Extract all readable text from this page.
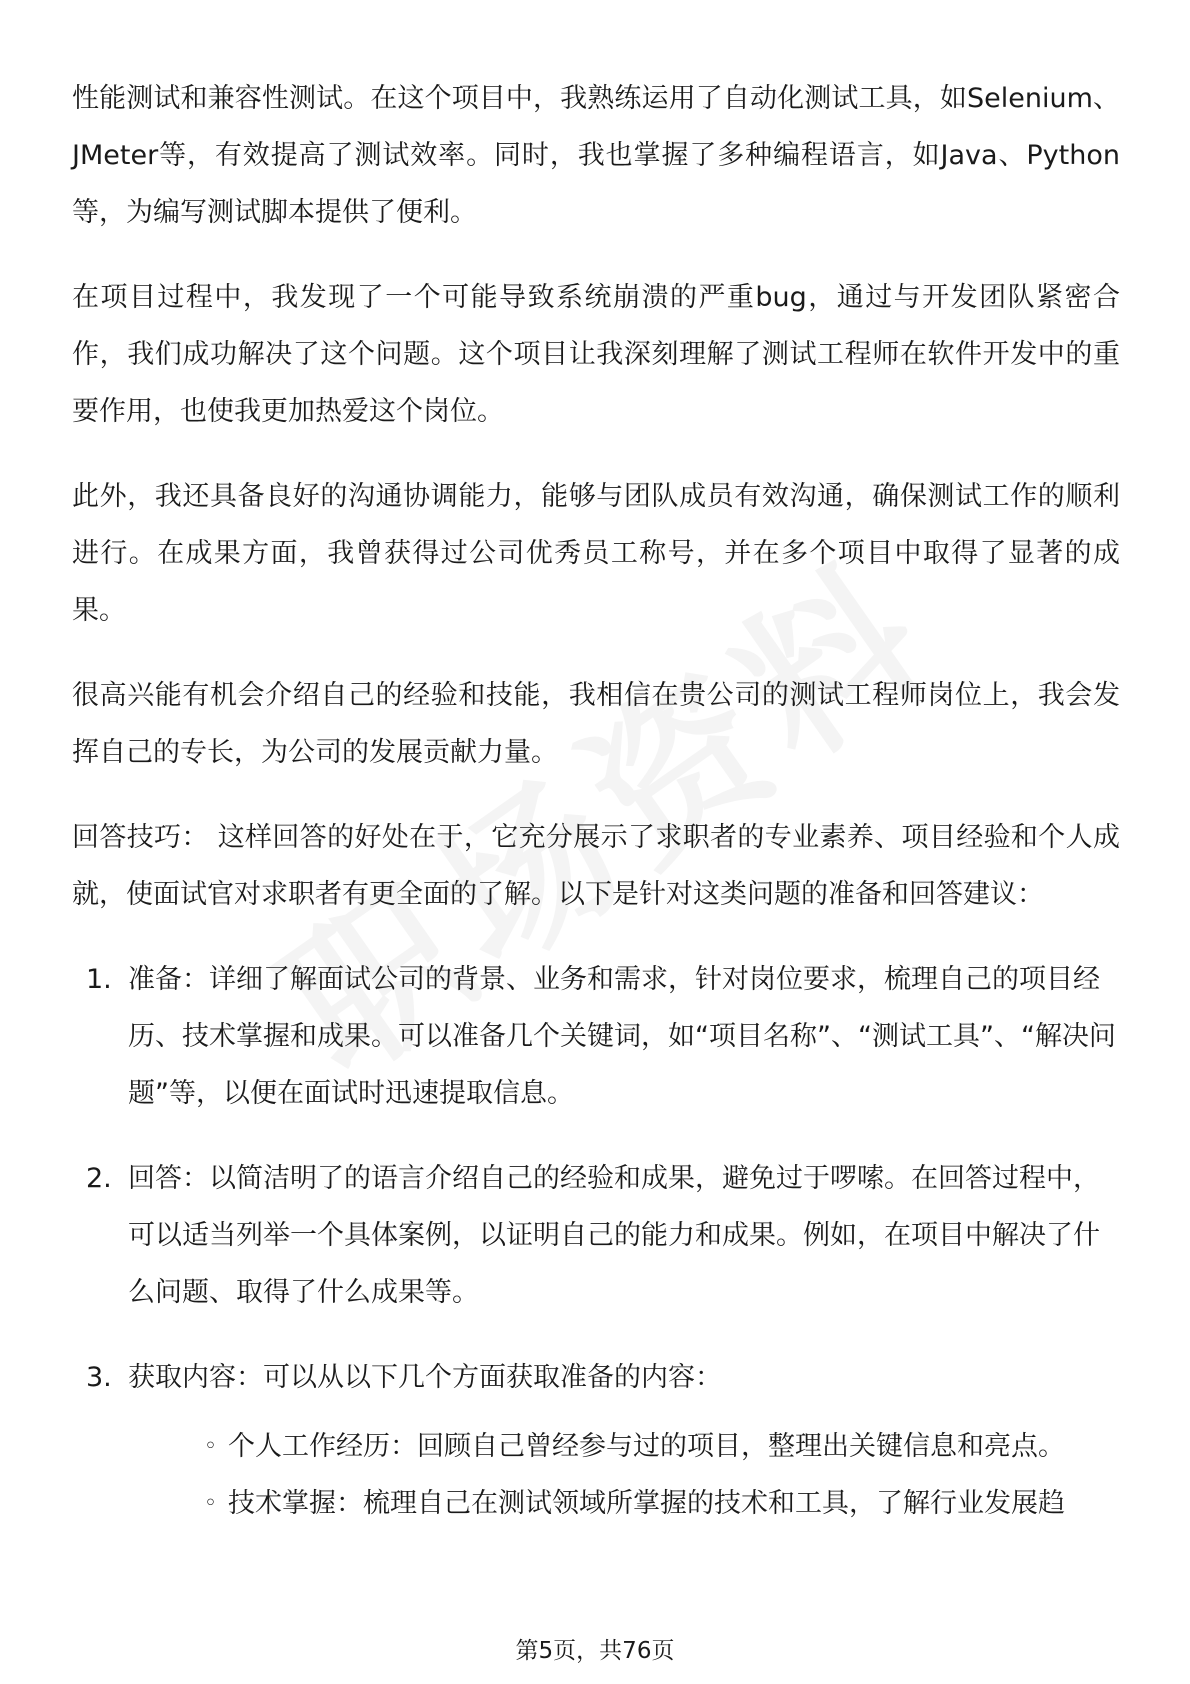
性能测试和兼容性测试。在这个项目中，我熟练运用了自动化测试工具，如Selenium、JMeter等，有效提高了测试效率。同时，我也掌握了多种编程语言，如Java、Python等，为编写测试脚本提供了便利。

在项目过程中，我发现了一个可能导致系统崩溃的严重bug，通过与开发团队紧密合作，我们成功解决了这个问题。这个项目让我深刻理解了测试工程师在软件开发中的重要作用，也使我更加热爱这个岗位。

此外，我还具备良好的沟通协调能力，能够与团队成员有效沟通，确保测试工作的顺利进行。在成果方面，我曾获得过公司优秀员工称号，并在多个项目中取得了显著的成果。

很高兴能有机会介绍自己的经验和技能，我相信在贵公司的测试工程师岗位上，我会发挥自己的专长，为公司的发展贡献力量。

回答技巧： 这样回答的好处在于，它充分展示了求职者的专业素养、项目经验和个人成就，使面试官对求职者有更全面的了解。以下是针对这类问题的准备和回答建议：

1. 准备：详细了解面试公司的背景、业务和需求，针对岗位要求，梳理自己的项目经历、技术掌握和成果。可以准备几个关键词，如“项目名称”、“测试工具”、“解决问题”等，以便在面试时迅速提取信息。
2. 回答：以简洁明了的语言介绍自己的经验和成果，避免过于啰嗦。在回答过程中，可以适当列举一个具体案例，以证明自己的能力和成果。例如，在项目中解决了什么问题、取得了什么成果等。
3. 获取内容：可以从以下几个方面获取准备的内容：
◦ 个人工作经历：回顾自己曾经参与过的项目，整理出关键信息和亮点。
◦ 技术掌握：梳理自己在测试领域所掌握的技术和工具，了解行业发展趋
第5页，共76页
